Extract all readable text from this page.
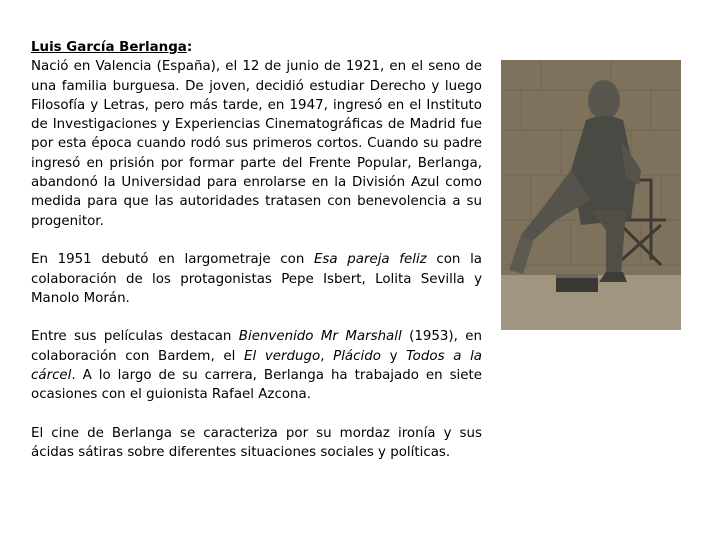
Luis García Berlanga:
Nació en Valencia (España), el 12 de junio de 1921, en el seno de una familia burguesa. De joven, decidió estudiar Derecho y luego Filosofía y Letras, pero más tarde, en 1947, ingresó en el Instituto de Investigaciones y Experiencias Cinematográficas de Madrid fue por esta época cuando rodó sus primeros cortos. Cuando su padre ingresó en prisión por formar parte del Frente Popular, Berlanga, abandonó la Universidad para enrolarse en la División Azul como medida para que las autoridades tratasen con benevolencia a su progenitor.

En 1951 debutó en largometraje con Esa pareja feliz con la colaboración de los protagonistas Pepe Isbert, Lolita Sevilla y Manolo Morán.

Entre sus películas destacan Bienvenido Mr Marshall (1953), en colaboración con Bardem, el El verdugo, Plácido y Todos a la cárcel. A lo largo de su carrera, Berlanga ha trabajado en siete ocasiones con el guionista Rafael Azcona.

El cine de Berlanga se caracteriza por su mordaz ironía y sus ácidas sátiras sobre diferentes situaciones sociales y políticas.
